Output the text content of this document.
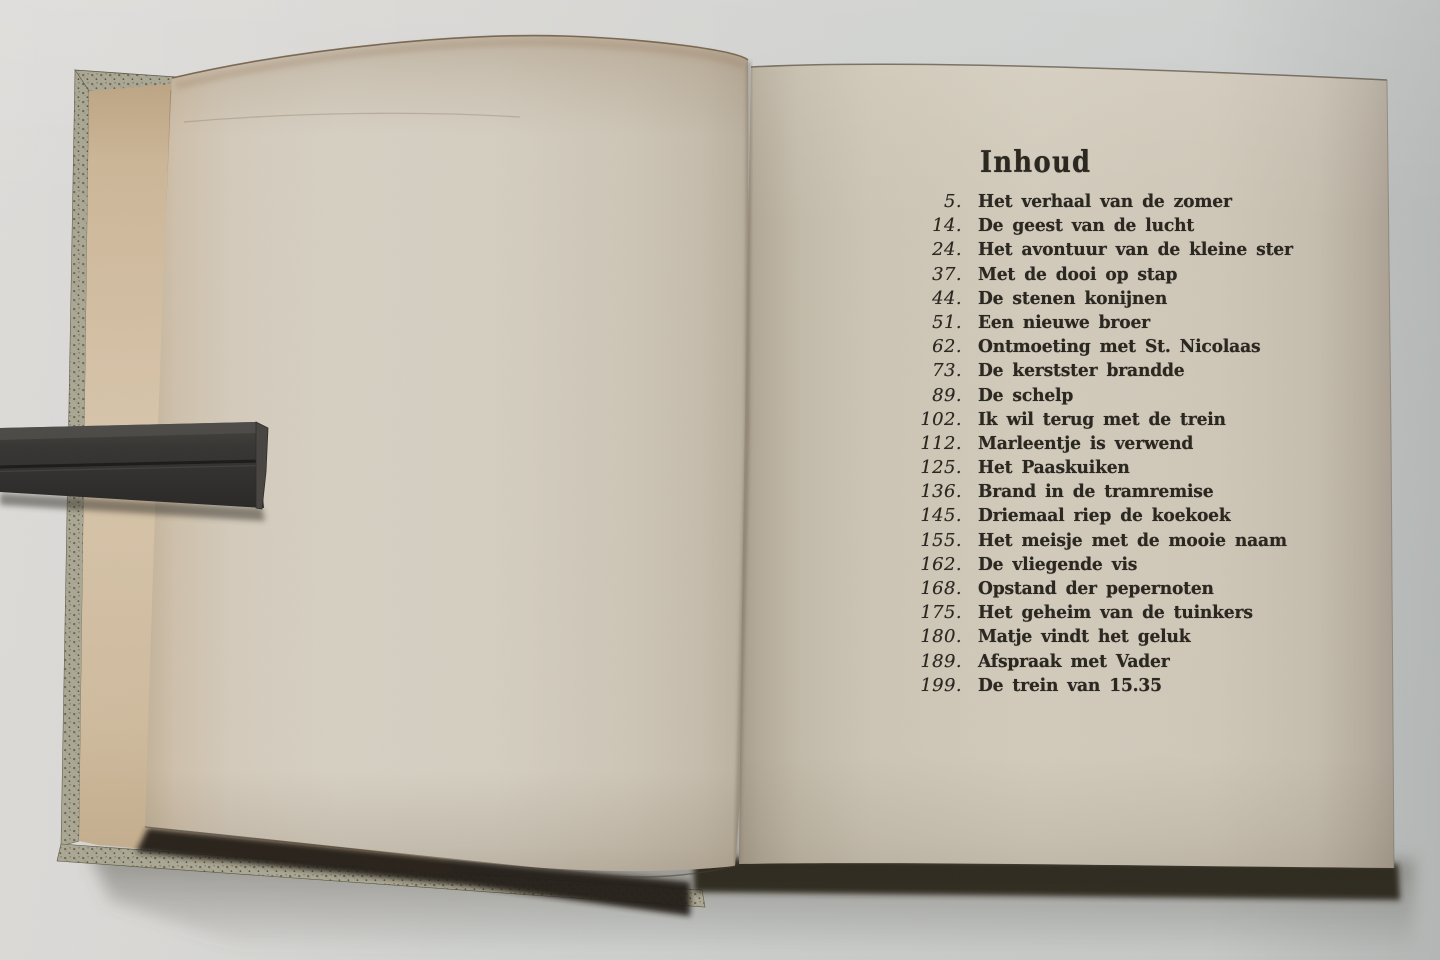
Inhoud
5. Het verhaal van de zomer
14. De geest van de lucht
24. Het avontuur van de kleine ster
37. Met de dooi op stap
44. De stenen konijnen
51. Een nieuwe broer
62. Ontmoeting met St. Nicolaas
73. De kerstster brandde
89. De schelp
102. Ik wil terug met de trein
112. Marleentje is verwend
125. Het Paaskuiken
136. Brand in de tramremise
145. Driemaal riep de koekoek
155. Het meisje met de mooie naam
162. De vliegende vis
168. Opstand der pepernoten
175. Het geheim van de tuinkers
180. Matje vindt het geluk
189. Afspraak met Vader
199. De trein van 15.35
